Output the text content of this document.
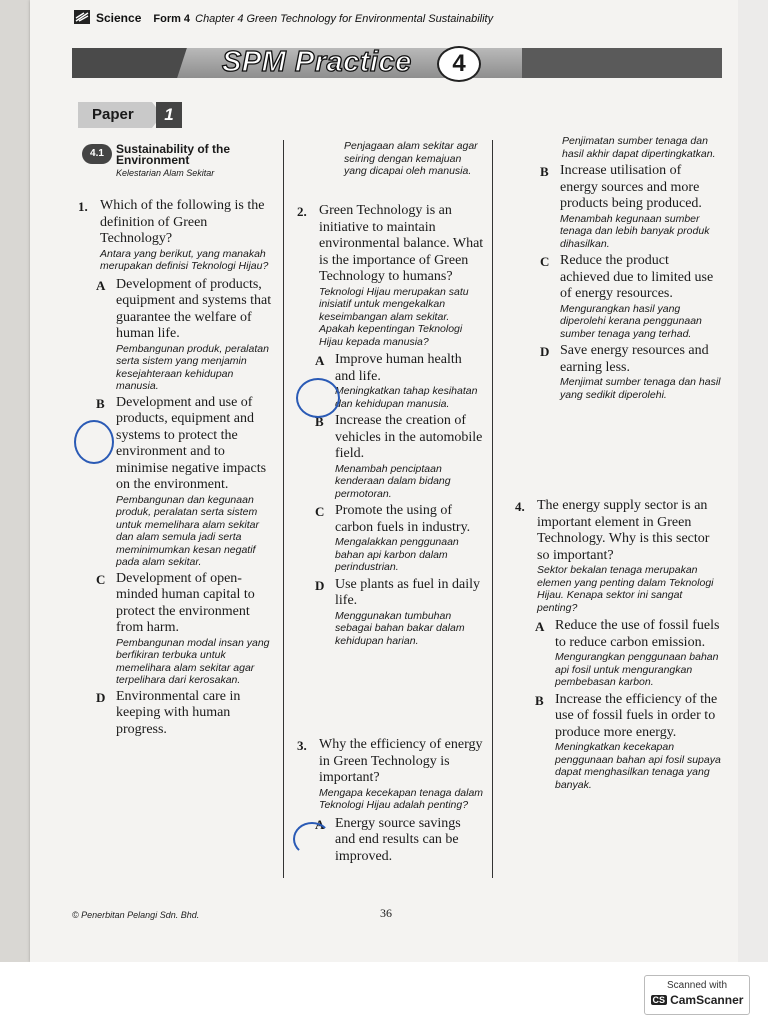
Science Form 4 Chapter 4 Green Technology for Environmental Sustainability
SPM Practice	4
Paper	1
4.1	Sustainability of the Environment
Kelestarian Alam Sekitar
1. Which of the following is the definition of Green Technology?
Antara yang berikut, yang manakah merupakan definisi Teknologi Hijau?
A Development of products, equipment and systems that guarantee the welfare of human life.
Pembangunan produk, peralatan serta sistem yang menjamin kesejahteraan kehidupan manusia.
B Development and use of products, equipment and systems to protect the environment and to minimise negative impacts on the environment.
Pembangunan dan kegunaan produk, peralatan serta sistem untuk memelihara alam sekitar dan alam semula jadi serta meminimumkan kesan negatif pada alam sekitar.
C Development of open-minded human capital to protect the environment from harm.
Pembangunan modal insan yang berfikiran terbuka untuk memelihara alam sekitar agar terpelihara dari kerosakan.
D Environmental care in keeping with human progress.
Penjagaan alam sekitar agar seiring dengan kemajuan yang dicapai oleh manusia.
2. Green Technology is an initiative to maintain environmental balance. What is the importance of Green Technology to humans?
Teknologi Hijau merupakan satu inisiatif untuk mengekalkan keseimbangan alam sekitar. Apakah kepentingan Teknologi Hijau kepada manusia?
A Improve human health and life.
Meningkatkan tahap kesihatan dan kehidupan manusia.
B Increase the creation of vehicles in the automobile field.
Menambah penciptaan kenderaan dalam bidang permotoran.
C Promote the using of carbon fuels in industry.
Mengalakkan penggunaan bahan api karbon dalam perindustrian.
D Use plants as fuel in daily life.
Menggunakan tumbuhan sebagai bahan bakar dalam kehidupan harian.
3. Why the efficiency of energy in Green Technology is important?
Mengapa kecekapan tenaga dalam Teknologi Hijau adalah penting?
A Energy source savings and end results can be improved.
Penjimatan sumber tenaga dan hasil akhir dapat dipertingkatkan.
B Increase utilisation of energy sources and more products being produced.
Menambah kegunaan sumber tenaga dan lebih banyak produk dihasilkan.
C Reduce the product achieved due to limited use of energy resources.
Mengurangkan hasil yang diperolehi kerana penggunaan sumber tenaga yang terhad.
D Save energy resources and earning less.
Menjimat sumber tenaga dan hasil yang sedikit diperolehi.
4. The energy supply sector is an important element in Green Technology. Why is this sector so important?
Sektor bekalan tenaga merupakan elemen yang penting dalam Teknologi Hijau. Kenapa sektor ini sangat penting?
A Reduce the use of fossil fuels to reduce carbon emission.
Mengurangkan penggunaan bahan api fosil untuk mengurangkan pembebasan karbon.
B Increase the efficiency of the use of fossil fuels in order to produce more energy.
Meningkatkan kecekapan penggunaan bahan api fosil supaya dapat menghasilkan tenaga yang banyak.
© Penerbitan Pelangi Sdn. Bhd.	36
Scanned with
CS CamScanner
